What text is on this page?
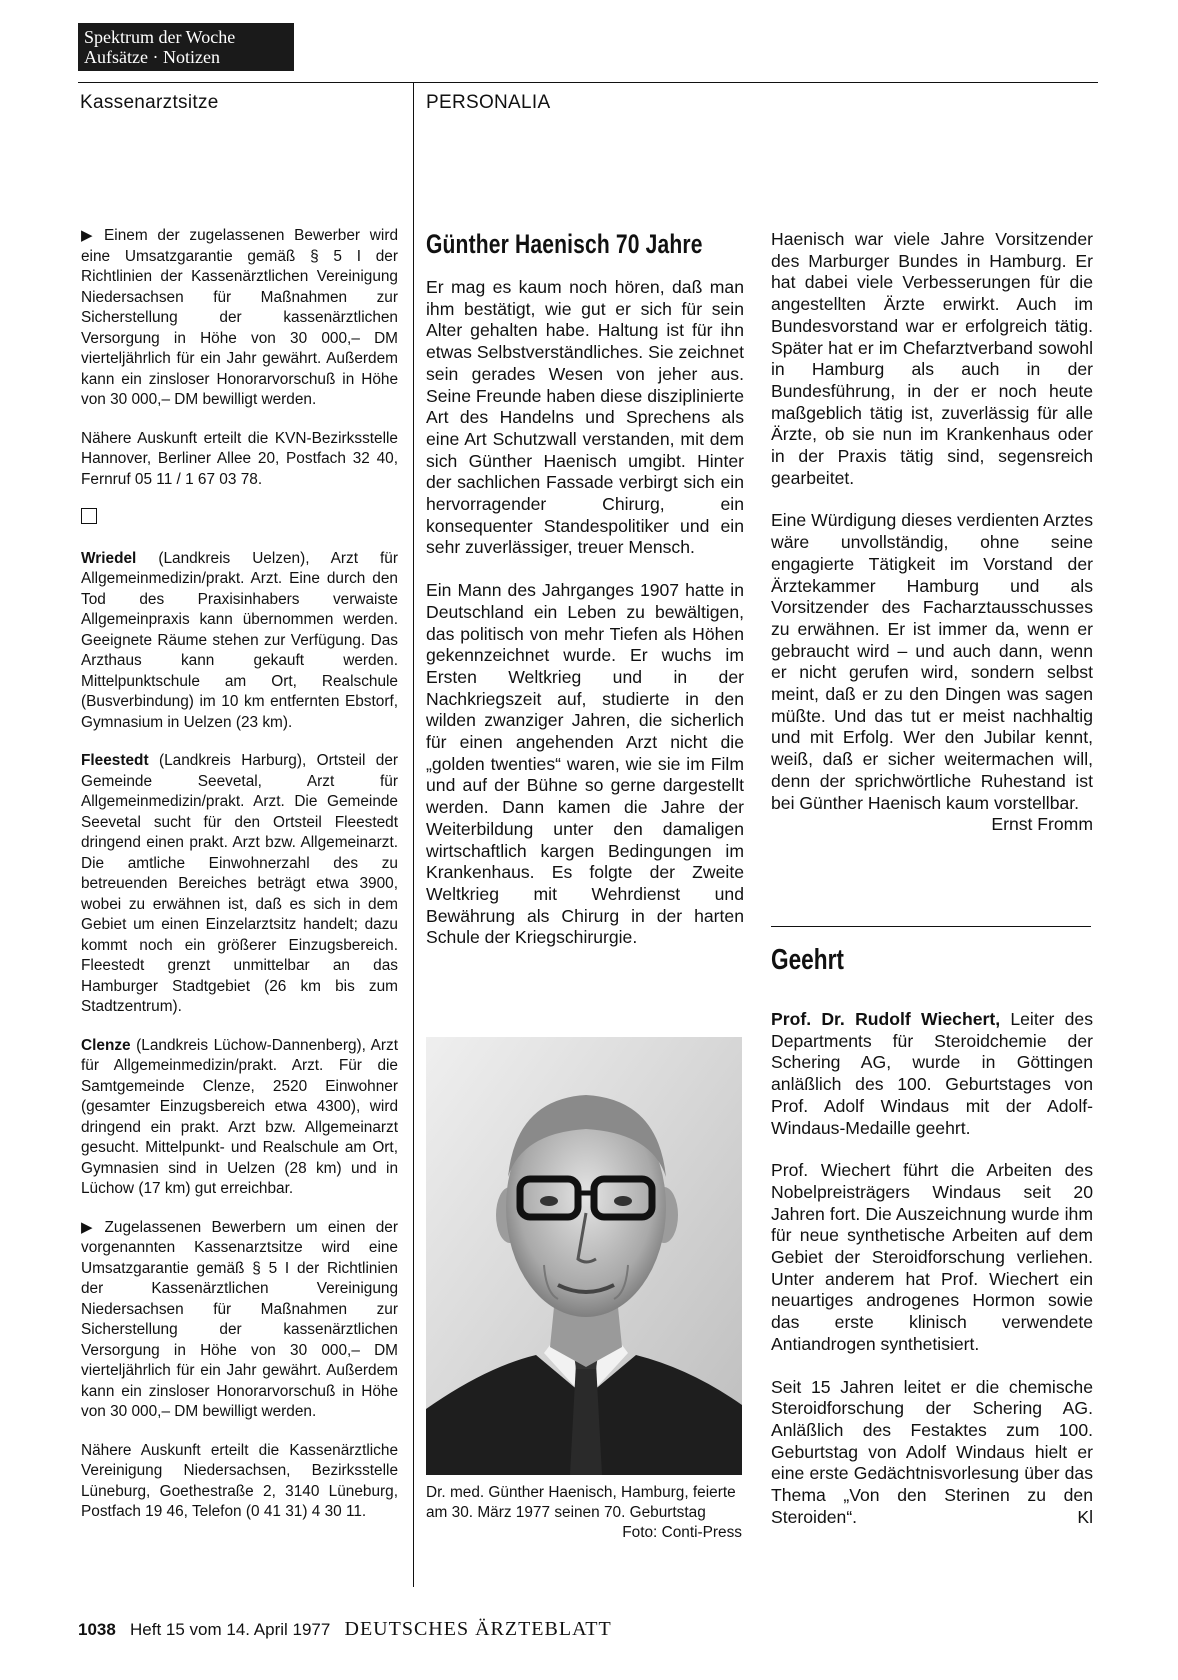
Spektrum der Woche
Aufsätze · Notizen
Kassenarztsitze	PERSONALIA

▶ Einem der zugelassenen Bewerber wird eine Umsatzgarantie gemäß § 5 I der Richtlinien der Kassenärztlichen Vereinigung Niedersachsen für Maßnahmen zur Sicherstellung der kassenärztlichen Versorgung in Höhe von 30 000,– DM vierteljährlich für ein Jahr gewährt. Außerdem kann ein zinsloser Honorarvorschuß in Höhe von 30 000,– DM bewilligt werden.

Nähere Auskunft erteilt die KVN-Bezirksstelle Hannover, Berliner Allee 20, Postfach 32 40, Fernruf 05 11 / 1 67 03 78.

Wriedel (Landkreis Uelzen), Arzt für Allgemeinmedizin/prakt. Arzt. Eine durch den Tod des Praxisinhabers verwaiste Allgemeinpraxis kann übernommen werden. Geeignete Räume stehen zur Verfügung. Das Arzthaus kann gekauft werden. Mittelpunktschule am Ort, Realschule (Busverbindung) im 10 km entfernten Ebstorf, Gymnasium in Uelzen (23 km).

Fleestedt (Landkreis Harburg), Ortsteil der Gemeinde Seevetal, Arzt für Allgemeinmedizin/prakt. Arzt. Die Gemeinde Seevetal sucht für den Ortsteil Fleestedt dringend einen prakt. Arzt bzw. Allgemeinarzt. Die amtliche Einwohnerzahl des zu betreuenden Bereiches beträgt etwa 3900, wobei zu erwähnen ist, daß es sich in dem Gebiet um einen Einzelarztsitz handelt; dazu kommt noch ein größerer Einzugsbereich. Fleestedt grenzt unmittelbar an das Hamburger Stadtgebiet (26 km bis zum Stadtzentrum).

Clenze (Landkreis Lüchow-Dannenberg), Arzt für Allgemeinmedizin/prakt. Arzt. Für die Samtgemeinde Clenze, 2520 Einwohner (gesamter Einzugsbereich etwa 4300), wird dringend ein prakt. Arzt bzw. Allgemeinarzt gesucht. Mittelpunkt- und Realschule am Ort, Gymnasien sind in Uelzen (28 km) und in Lüchow (17 km) gut erreichbar.

▶ Zugelassenen Bewerbern um einen der vorgenannten Kassenarztsitze wird eine Umsatzgarantie gemäß § 5 I der Richtlinien der Kassenärztlichen Vereinigung Niedersachsen für Maßnahmen zur Sicherstellung der kassenärztlichen Versorgung in Höhe von 30 000,– DM vierteljährlich für ein Jahr gewährt. Außerdem kann ein zinsloser Honorarvorschuß in Höhe von 30 000,– DM bewilligt werden.

Nähere Auskunft erteilt die Kassenärztliche Vereinigung Niedersachsen, Bezirksstelle Lüneburg, Goethestraße 2, 3140 Lüneburg, Postfach 19 46, Telefon (0 41 31) 4 30 11.

Günther Haenisch 70 Jahre

Er mag es kaum noch hören, daß man ihm bestätigt, wie gut er sich für sein Alter gehalten habe. Haltung ist für ihn etwas Selbstverständliches. Sie zeichnet sein gerades Wesen von jeher aus. Seine Freunde haben diese disziplinierte Art des Handelns und Sprechens als eine Art Schutzwall verstanden, mit dem sich Günther Haenisch umgibt. Hinter der sachlichen Fassade verbirgt sich ein hervorragender Chirurg, ein konsequenter Standespolitiker und ein sehr zuverlässiger, treuer Mensch.

Ein Mann des Jahrganges 1907 hatte in Deutschland ein Leben zu bewältigen, das politisch von mehr Tiefen als Höhen gekennzeichnet wurde. Er wuchs im Ersten Weltkrieg und in der Nachkriegszeit auf, studierte in den wilden zwanziger Jahren, die sicherlich für einen angehenden Arzt nicht die „golden twenties“ waren, wie sie im Film und auf der Bühne so gerne dargestellt werden. Dann kamen die Jahre der Weiterbildung unter den damaligen wirtschaftlich kargen Bedingungen im Krankenhaus. Es folgte der Zweite Weltkrieg mit Wehrdienst und Bewährung als Chirurg in der harten Schule der Kriegschirurgie.

Dr. med. Günther Haenisch, Hamburg, feierte am 30. März 1977 seinen 70. Geburtstag
Foto: Conti-Press

Haenisch war viele Jahre Vorsitzender des Marburger Bundes in Hamburg. Er hat dabei viele Verbesserungen für die angestellten Ärzte erwirkt. Auch im Bundesvorstand war er erfolgreich tätig. Später hat er im Chefarztverband sowohl in Hamburg als auch in der Bundesführung, in der er noch heute maßgeblich tätig ist, zuverlässig für alle Ärzte, ob sie nun im Krankenhaus oder in der Praxis tätig sind, segensreich gearbeitet.

Eine Würdigung dieses verdienten Arztes wäre unvollständig, ohne seine engagierte Tätigkeit im Vorstand der Ärztekammer Hamburg und als Vorsitzender des Facharztausschusses zu erwähnen. Er ist immer da, wenn er gebraucht wird – und auch dann, wenn er nicht gerufen wird, sondern selbst meint, daß er zu den Dingen was sagen müßte. Und das tut er meist nachhaltig und mit Erfolg. Wer den Jubilar kennt, weiß, daß er sicher weitermachen will, denn der sprichwörtliche Ruhestand ist bei Günther Haenisch kaum vorstellbar.
Ernst Fromm

Geehrt

Prof. Dr. Rudolf Wiechert, Leiter des Departments für Steroidchemie der Schering AG, wurde in Göttingen anläßlich des 100. Geburtstages von Prof. Adolf Windaus mit der Adolf-Windaus-Medaille geehrt.

Prof. Wiechert führt die Arbeiten des Nobelpreisträgers Windaus seit 20 Jahren fort. Die Auszeichnung wurde ihm für neue synthetische Arbeiten auf dem Gebiet der Steroidforschung verliehen. Unter anderem hat Prof. Wiechert ein neuartiges androgenes Hormon sowie das erste klinisch verwendete Antiandrogen synthetisiert.

Seit 15 Jahren leitet er die chemische Steroidforschung der Schering AG. Anläßlich des Festaktes zum 100. Geburtstag von Adolf Windaus hielt er eine erste Gedächtnisvorlesung über das Thema „Von den Sterinen zu den Steroiden“.	Kl

1038 Heft 15 vom 14. April 1977 DEUTSCHES ÄRZTEBLATT
